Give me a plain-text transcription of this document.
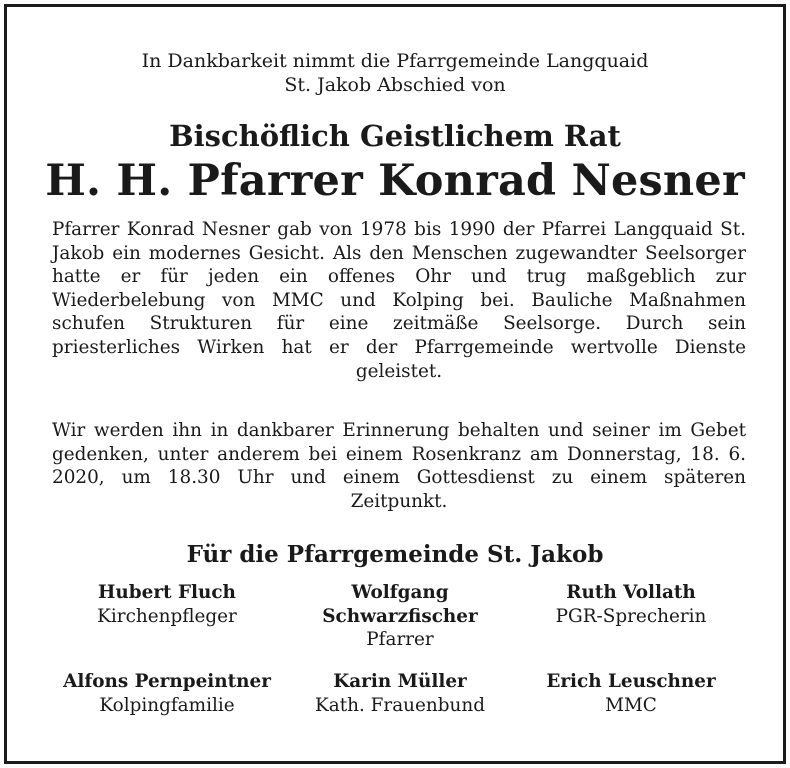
In Dankbarkeit nimmt die Pfarrgemeinde Langquaid
St. Jakob Abschied von
Bischöflich Geistlichem Rat
H. H. Pfarrer Konrad Nesner
Pfarrer Konrad Nesner gab von 1978 bis 1990 der Pfarrei Langquaid St. Jakob ein modernes Gesicht. Als den Menschen zugewandter Seelsorger hatte er für jeden ein offenes Ohr und trug maßgeblich zur Wiederbelebung von MMC und Kolping bei. Bauliche Maßnahmen schufen Strukturen für eine zeitmäße Seelsorge. Durch sein priesterliches Wirken hat er der Pfarrgemeinde wertvolle Dienste geleistet.
Wir werden ihn in dankbarer Erinnerung behalten und seiner im Gebet gedenken, unter anderem bei einem Rosenkranz am Donnerstag, 18. 6. 2020, um 18.30 Uhr und einem Gottesdienst zu einem späteren Zeitpunkt.
Für die Pfarrgemeinde St. Jakob
Hubert Fluch
Kirchenpfleger
Wolfgang
Schwarzfischer
Pfarrer
Ruth Vollath
PGR-Sprecherin
Alfons Pernpeintner
Kolpingfamilie
Karin Müller
Kath. Frauenbund
Erich Leuschner
MMC
